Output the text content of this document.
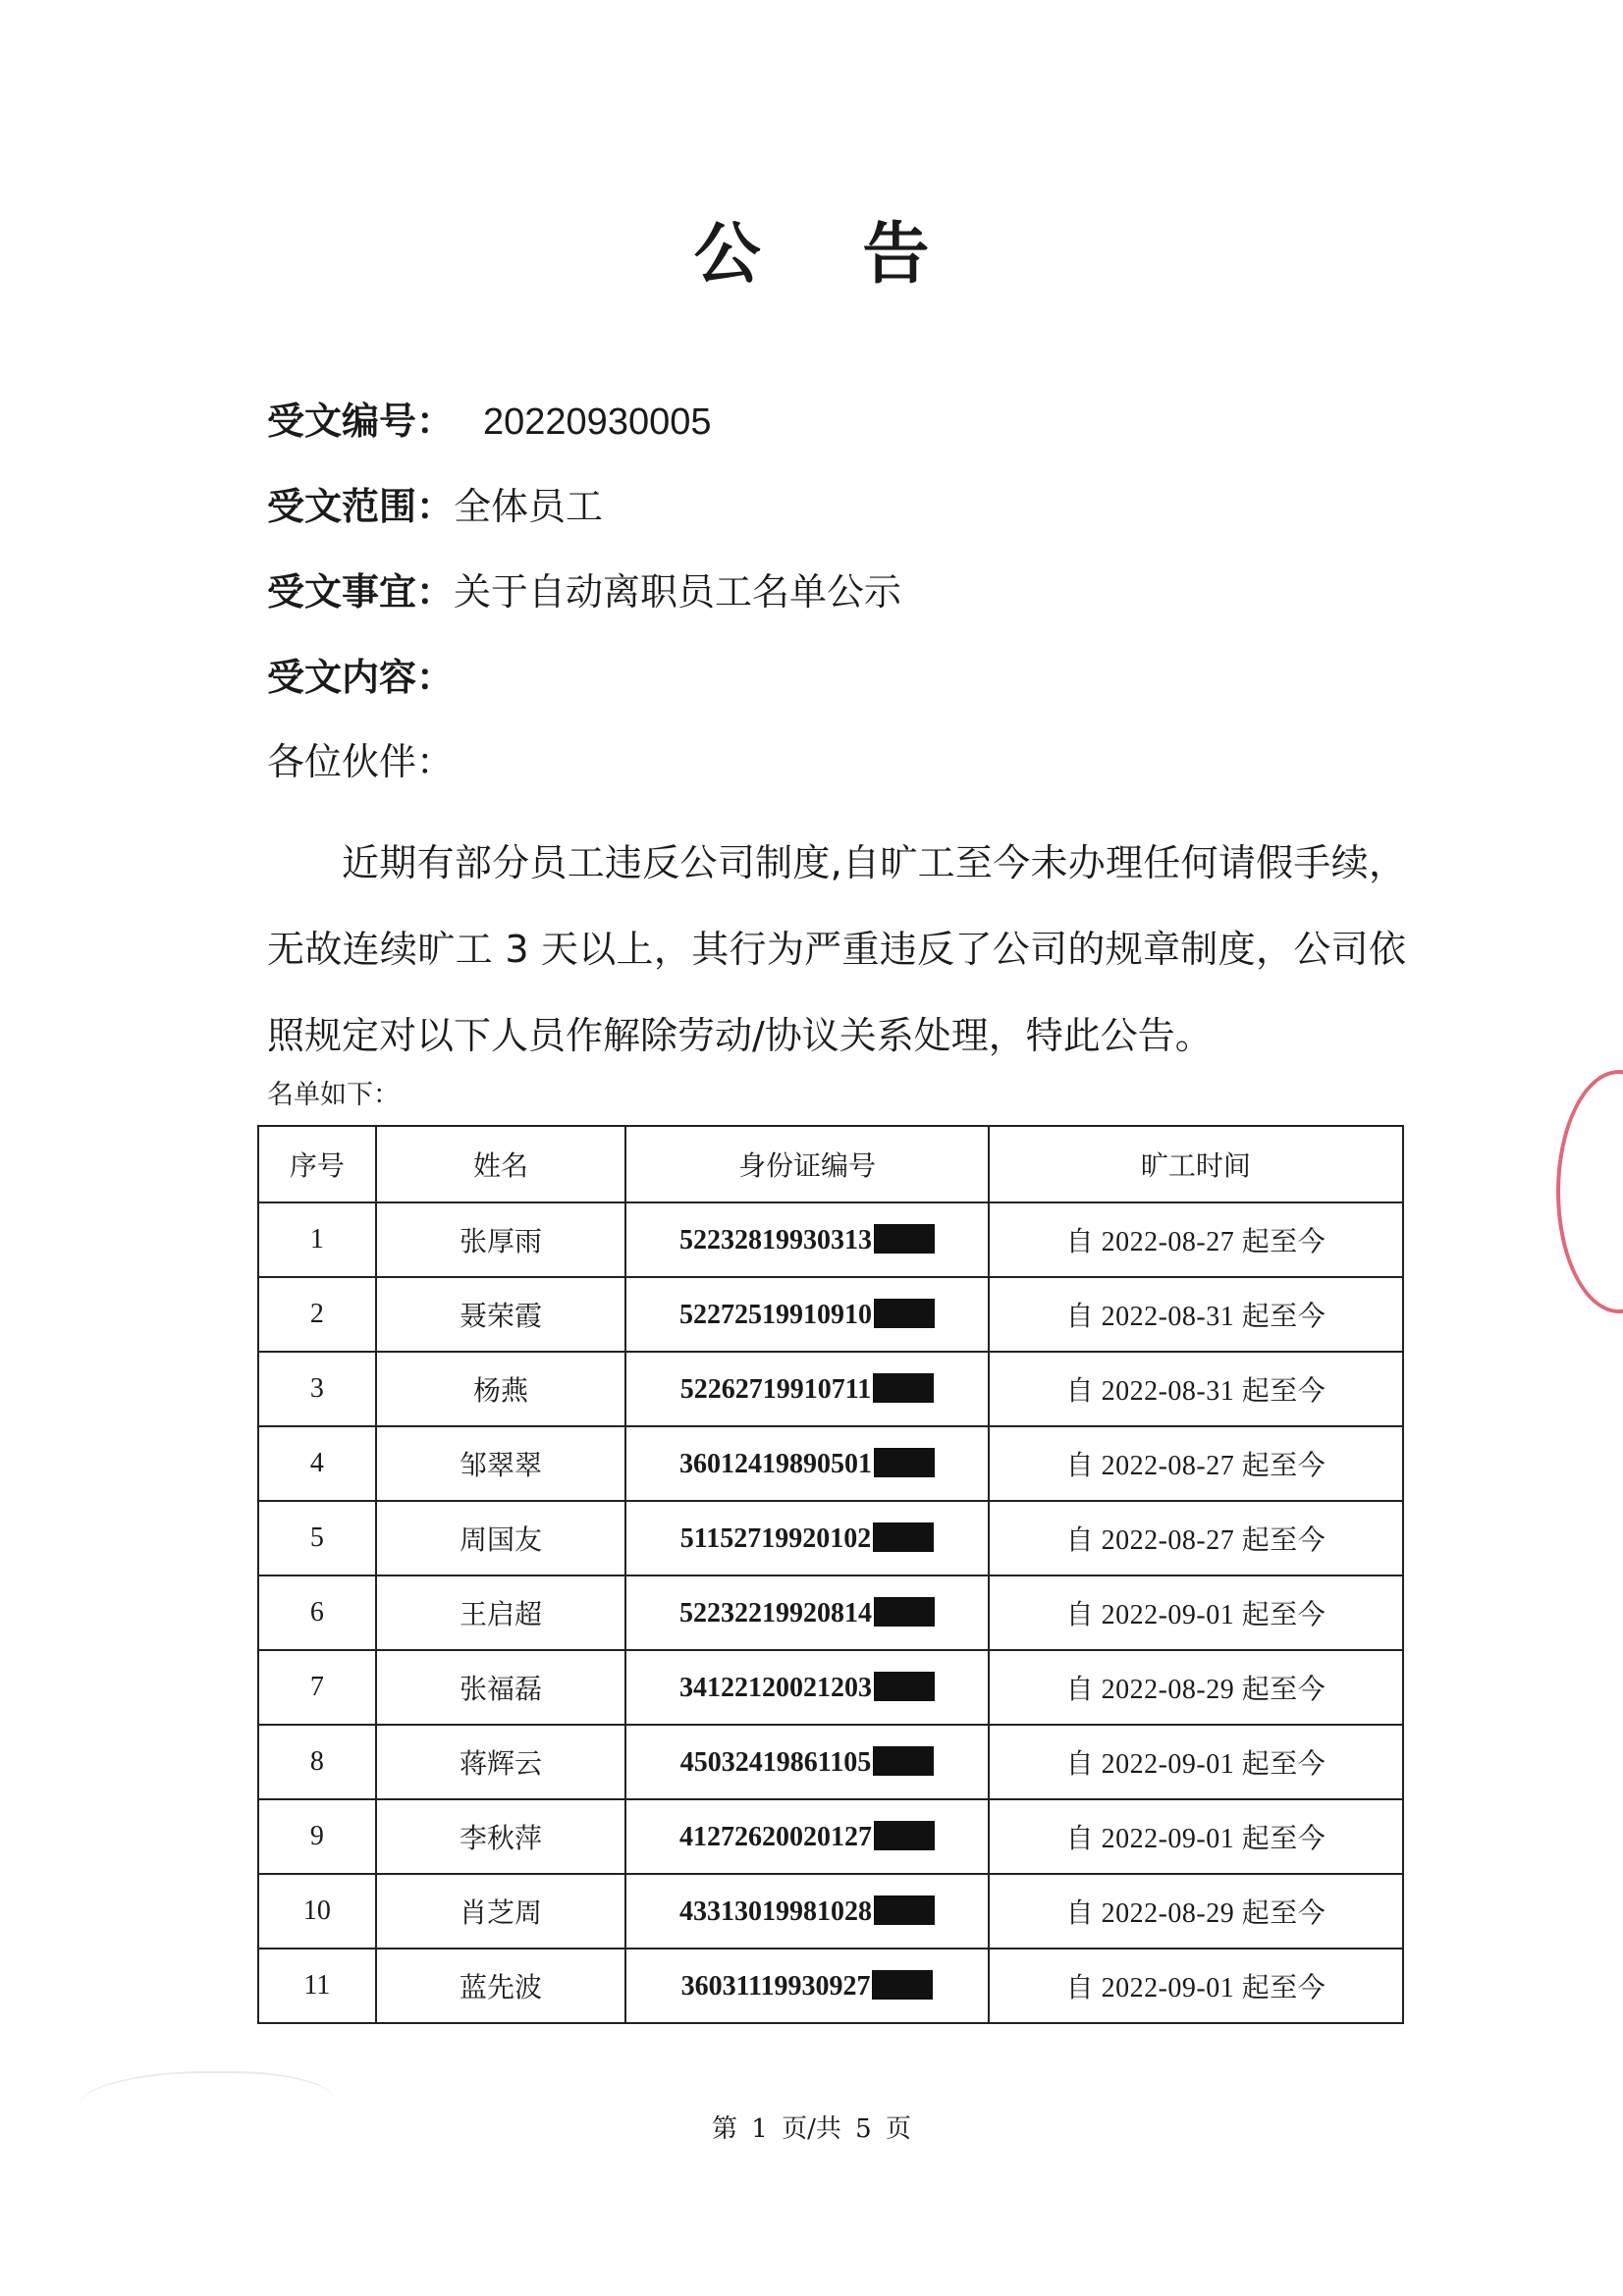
公 告
受文编号： 20220930005
受文范围：全体员工
受文事宜：关于自动离职员工名单公示
受文内容：
各位伙伴：
近期有部分员工违反公司制度,自旷工至今未办理任何请假手续，无故连续旷工 3 天以上，其行为严重违反了公司的规章制度，公司依照规定对以下人员作解除劳动/协议关系处理，特此公告。
名单如下：
序号	姓名	身份证编号	旷工时间
1	张厚雨	52232819930313	自 2022-08-27 起至今
2	聂荣霞	52272519910910	自 2022-08-31 起至今
3	杨燕	52262719910711	自 2022-08-31 起至今
4	邹翠翠	36012419890501	自 2022-08-27 起至今
5	周国友	51152719920102	自 2022-08-27 起至今
6	王启超	52232219920814	自 2022-09-01 起至今
7	张福磊	34122120021203	自 2022-08-29 起至今
8	蒋辉云	45032419861105	自 2022-09-01 起至今
9	李秋萍	41272620020127	自 2022-09-01 起至今
10	肖芝周	43313019981028	自 2022-08-29 起至今
11	蓝先波	36031119930927	自 2022-09-01 起至今
第 1 页/共 5 页
